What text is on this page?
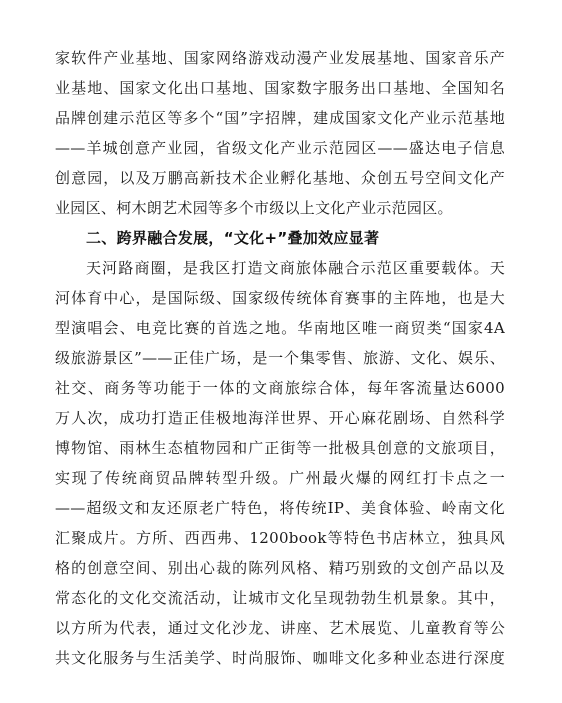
家软件产业基地、国家网络游戏动漫产业发展基地、国家音乐产
业基地、国家文化出口基地、国家数字服务出口基地、全国知名
品牌创建示范区等多个“国”字招牌，建成国家文化产业示范基地
——羊城创意产业园，省级文化产业示范园区——盛达电子信息
创意园，以及万鹏高新技术企业孵化基地、众创五号空间文化产
业园区、柯木朗艺术园等多个市级以上文化产业示范园区。
二、跨界融合发展，“文化+”叠加效应显著
天河路商圈，是我区打造文商旅体融合示范区重要载体。天
河体育中心，是国际级、国家级传统体育赛事的主阵地，也是大
型演唱会、电竞比赛的首选之地。华南地区唯一商贸类“国家4A
级旅游景区”——正佳广场，是一个集零售、旅游、文化、娱乐、
社交、商务等功能于一体的文商旅综合体，每年客流量达6000
万人次，成功打造正佳极地海洋世界、开心麻花剧场、自然科学
博物馆、雨林生态植物园和广正街等一批极具创意的文旅项目，
实现了传统商贸品牌转型升级。广州最火爆的网红打卡点之一
——超级文和友还原老广特色，将传统IP、美食体验、岭南文化
汇聚成片。方所、西西弗、1200book等特色书店林立，独具风
格的创意空间、别出心裁的陈列风格、精巧别致的文创产品以及
常态化的文化交流活动，让城市文化呈现勃勃生机景象。其中，
以方所为代表，通过文化沙龙、讲座、艺术展览、儿童教育等公
共文化服务与生活美学、时尚服饰、咖啡文化多种业态进行深度
